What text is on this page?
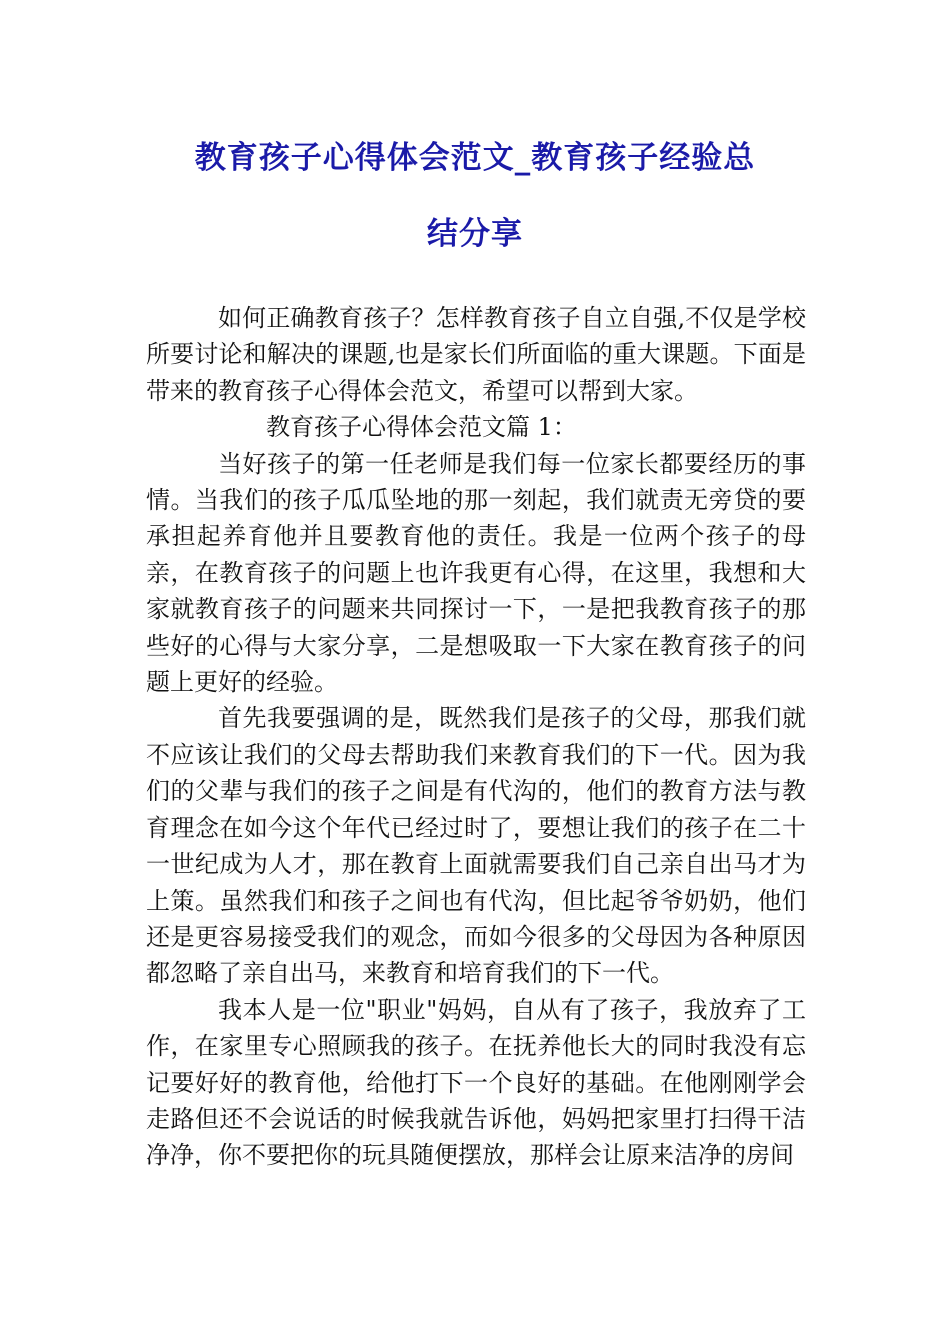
教育孩子心得体会范文_教育孩子经验总
结分享

如何正确教育孩子？怎样教育孩子自立自强,不仅是学校所要讨论和解决的课题,也是家长们所面临的重大课题。下面是带来的教育孩子心得体会范文，希望可以帮到大家。

教育孩子心得体会范文篇 1：

当好孩子的第一任老师是我们每一位家长都要经历的事情。当我们的孩子瓜瓜坠地的那一刻起，我们就责无旁贷的要承担起养育他并且要教育他的责任。我是一位两个孩子的母亲，在教育孩子的问题上也许我更有心得，在这里，我想和大家就教育孩子的问题来共同探讨一下，一是把我教育孩子的那些好的心得与大家分享，二是想吸取一下大家在教育孩子的问题上更好的经验。

首先我要强调的是，既然我们是孩子的父母，那我们就不应该让我们的父母去帮助我们来教育我们的下一代。因为我们的父辈与我们的孩子之间是有代沟的，他们的教育方法与教育理念在如今这个年代已经过时了，要想让我们的孩子在二十一世纪成为人才，那在教育上面就需要我们自己亲自出马才为上策。虽然我们和孩子之间也有代沟，但比起爷爷奶奶，他们还是更容易接受我们的观念，而如今很多的父母因为各种原因都忽略了亲自出马，来教育和培育我们的下一代。

我本人是一位"职业"妈妈，自从有了孩子，我放弃了工作，在家里专心照顾我的孩子。在抚养他长大的同时我没有忘记要好好的教育他，给他打下一个良好的基础。在他刚刚学会走路但还不会说话的时候我就告诉他，妈妈把家里打扫得干洁净净，你不要把你的玩具随便摆放，那样会让原来洁净的房间
